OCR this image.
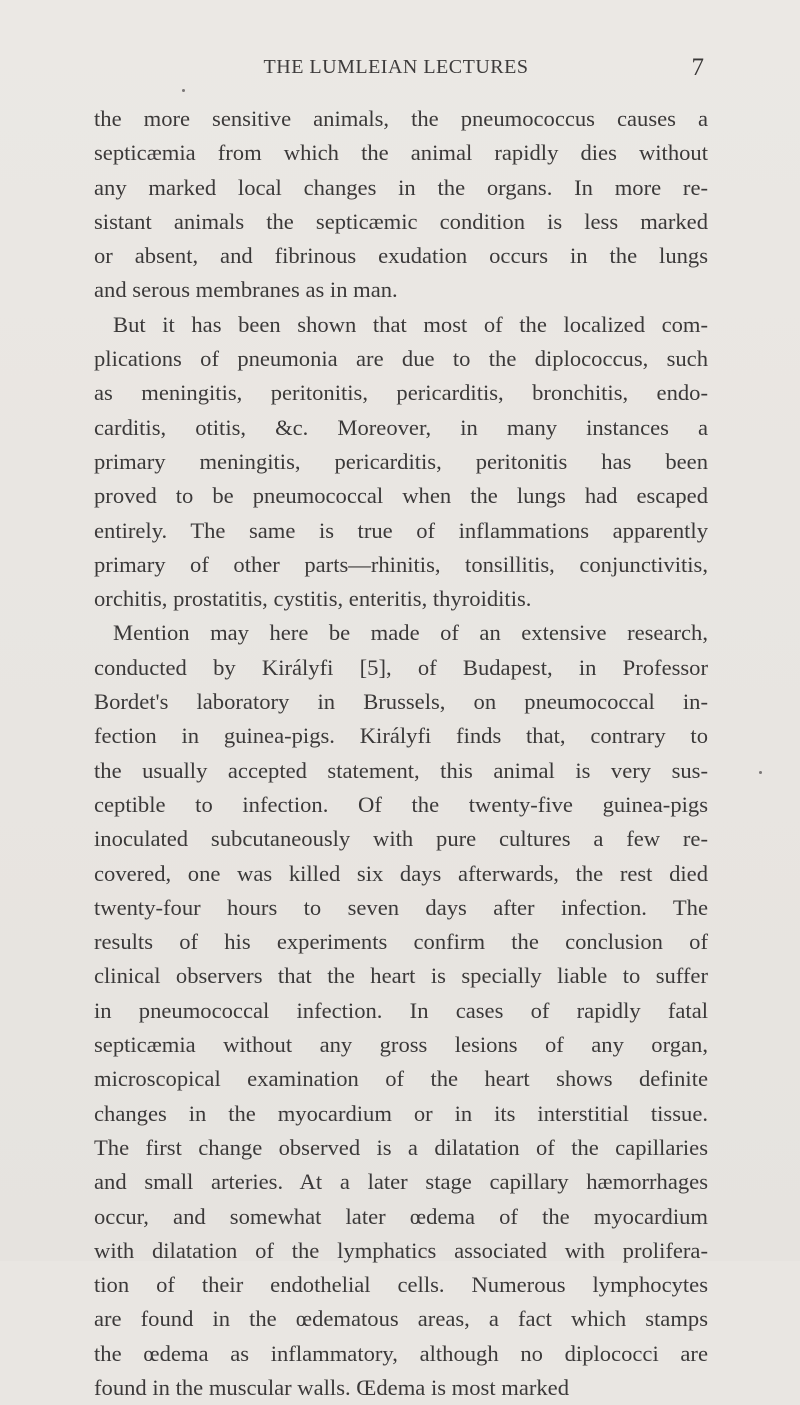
THE LUMLEIAN LECTURES	7
the more sensitive animals, the pneumococcus causes a
septicæmia from which the animal rapidly dies without
any marked local changes in the organs. In more re-
sistant animals the septicæmic condition is less marked
or absent, and fibrinous exudation occurs in the lungs
and serous membranes as in man.
But it has been shown that most of the localized com-
plications of pneumonia are due to the diplococcus, such
as meningitis, peritonitis, pericarditis, bronchitis, endo-
carditis, otitis, &c. Moreover, in many instances a
primary meningitis, pericarditis, peritonitis has been
proved to be pneumococcal when the lungs had escaped
entirely. The same is true of inflammations apparently
primary of other parts—rhinitis, tonsillitis, conjunctivitis,
orchitis, prostatitis, cystitis, enteritis, thyroiditis.
Mention may here be made of an extensive research,
conducted by Királyfi [5], of Budapest, in Professor
Bordet's laboratory in Brussels, on pneumococcal in-
fection in guinea-pigs. Királyfi finds that, contrary to
the usually accepted statement, this animal is very sus-
ceptible to infection. Of the twenty-five guinea-pigs
inoculated subcutaneously with pure cultures a few re-
covered, one was killed six days afterwards, the rest died
twenty-four hours to seven days after infection. The
results of his experiments confirm the conclusion of
clinical observers that the heart is specially liable to suffer
in pneumococcal infection. In cases of rapidly fatal
septicæmia without any gross lesions of any organ,
microscopical examination of the heart shows definite
changes in the myocardium or in its interstitial tissue.
The first change observed is a dilatation of the capillaries
and small arteries. At a later stage capillary hæmorrhages
occur, and somewhat later œdema of the myocardium
with dilatation of the lymphatics associated with prolifera-
tion of their endothelial cells. Numerous lymphocytes
are found in the œdematous areas, a fact which stamps
the œdema as inflammatory, although no diplococci are
found in the muscular walls. Œdema is most marked
